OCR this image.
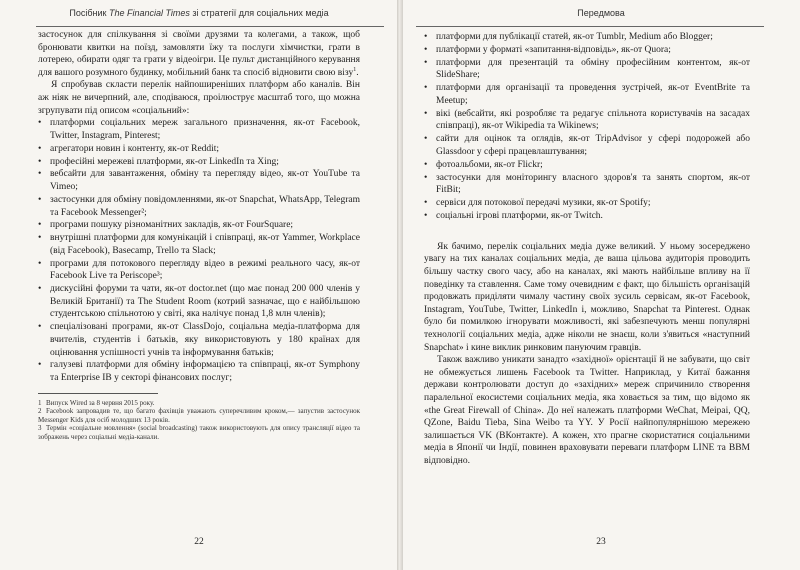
Посібник The Financial Times зі стратегії для соціальних медіа

застосунок для спілкування зі своїми друзями та колегами, а також, щоб бронювати квитки на поїзд, замовляти їжу та послуги хімчистки, грати в лотерею, обирати одяг та грати у відеоігри. Це пульт дистанційного керування для вашого розумного будинку, мобільний банк та спосіб відновити свою візу$^1$.

Я спробував скласти перелік найпоширеніших платформ або каналів. Він аж ніяк не вичерпний, але, сподіваюся, проілюструє масштаб того, що можна згрупувати під описом «соціальний»:

• платформи соціальних мереж загального призначення, як-от Facebook, Twitter, Instagram, Pinterest;
• агрегатори новин і контенту, як-от Reddit;
• професійні мережеві платформи, як-от LinkedIn та Xing;
• вебсайти для завантаження, обміну та перегляду відео, як-от YouTube та Vimeo;
• застосунки для обміну повідомленнями, як-от Snapchat, WhatsApp, Telegram та Facebook Messenger²;
• програми пошуку різноманітних закладів, як-от FourSquare;
• внутрішні платформи для комунікацій і співпраці, як-от Yammer, Workplace (від Facebook), Basecamp, Trello та Slack;
• програми для потокового перегляду відео в режимі реального часу, як-от Facebook Live та Periscope³;
• дискусійні форуми та чати, як-от doctor.net (що має понад 200 000 членів у Великій Британії) та The Student Room (котрий зазначає, що є найбільшою студентською спільнотою у світі, яка налічує понад 1,8 млн членів);
• спеціалізовані програми, як-от ClassDojo, соціальна медіа-платформа для вчителів, студентів і батьків, яку використовують у 180 країнах для оцінювання успішності учнів та інформування батьків;
• галузеві платформи для обміну інформацією та співпраці, як-от Symphony та Enterprise IB у секторі фінансових послуг;
1 Випуск Wired за 8 червня 2015 року.
2 Facebook запровадив те, що багато фахівців уважають суперечливим кроком,— запустив застосунок Messenger Kids для осіб молодших 13 років.
3 Термін «соціальне мовлення» (social broadcasting) також використовують для опису трансляції відео та зображень через соціальні медіа-канали.
22
Передмова
• платформи для публікації статей, як-от Tumblr, Medium або Blogger;
• платформи у форматі «запитання-відповідь», як-от Quora;
• платформи для презентацій та обміну професійним контентом, як-от SlideShare;
• платформи для організації та проведення зустрічей, як-от EventBrite та Meetup;
• вікі (вебсайти, які розробляє та редагує спільнота користувачів на засадах співпраці), як-от Wikipedia та Wikinews;
• сайти для оцінок та оглядів, як-от TripAdvisor у сфері подорожей або Glassdoor у сфері працевлаштування;
• фотоальбоми, як-от Flickr;
• застосунки для моніторингу власного здоров'я та занять спортом, як-от FitBit;
• сервіси для потокової передачі музики, як-от Spotify;
• соціальні ігрові платформи, як-от Twitch.

Як бачимо, перелік соціальних медіа дуже великий. У ньому зосереджено увагу на тих каналах соціальних медіа, де ваша цільова аудиторія проводить більшу частку свого часу, або на каналах, які мають найбільше впливу на її поведінку та ставлення. Саме тому очевидним є факт, що більшість організацій продовжать приділяти чималу частину своїх зусиль сервісам, як-от Facebook, Instagram, YouTube, Twitter, LinkedIn і, можливо, Snapchat та Pinterest. Однак було би помилкою ігнорувати можливості, які забезпечують менш популярні технології соціальних медіа, адже ніколи не знаєш, коли з'явиться «наступний Snapchat» і кине виклик ринковим пануючим гравців.

Також важливо уникати занадто «західної» орієнтації й не забувати, що світ не обмежується лишень Facebook та Twitter. Наприклад, у Китаї бажання держави контролювати доступ до «західних» мереж спричинило створення паралельної екосистеми соціальних медіа, яка ховається за тим, що відомо як «the Great Firewall of China». До неї належать платформи WeChat, Meipai, QQ, QZone, Baidu Tieba, Sina Weibo та YY. У Росії найпопулярнішою мережею залишається VK (ВКонтакте). А кожен, хто прагне скористатися соціальними медіа в Японії чи Індії, повинен враховувати переваги платформ LINE та BBM відповідно.

23
